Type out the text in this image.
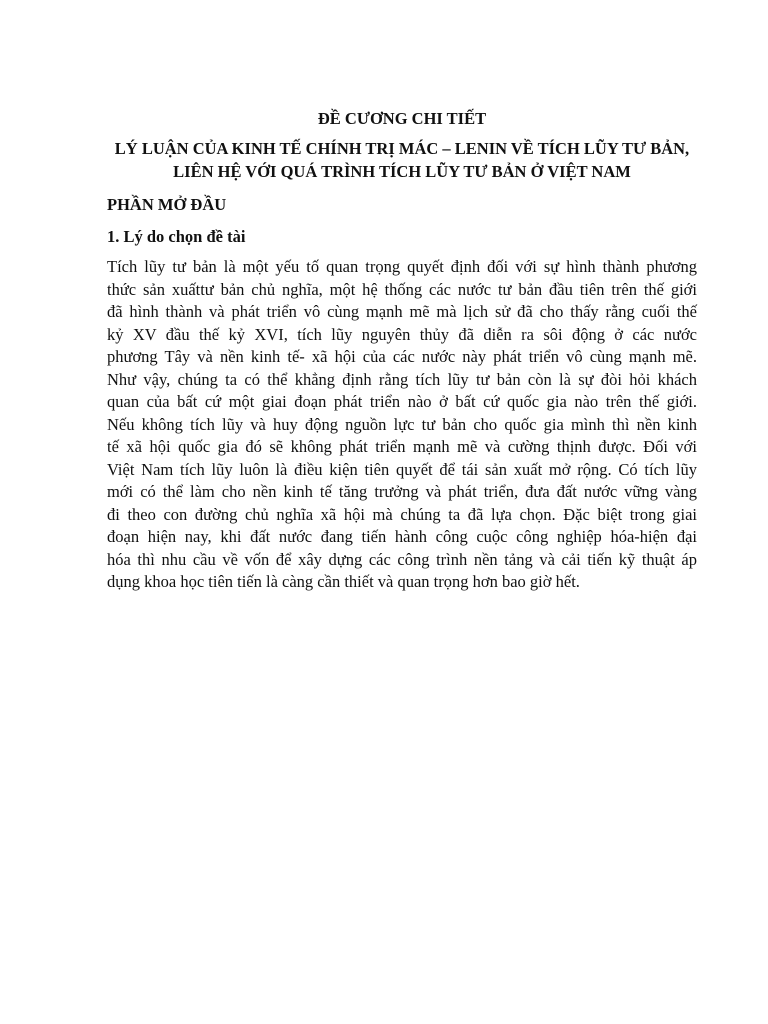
ĐỀ CƯƠNG CHI TIẾT
LÝ LUẬN CỦA KINH TẾ CHÍNH TRỊ MÁC – LENIN VỀ TÍCH LŨY TƯ BẢN,
LIÊN HỆ VỚI QUÁ TRÌNH TÍCH LŨY TƯ BẢN Ở VIỆT NAM
PHẦN MỞ ĐẦU
1. Lý do chọn đề tài

Tích lũy tư bản là một yếu tố quan trọng quyết định đối với sự hình thành phương
thức sản xuấttư bản chủ nghĩa, một hệ thống các nước tư bản đầu tiên trên thế giới
đã hình thành và phát triển vô cùng mạnh mẽ mà lịch sử đã cho thấy rằng cuối thế
kỷ XV đầu thế kỷ XVI, tích lũy nguyên thủy đã diễn ra sôi động ở các nước
phương Tây và nền kinh tế- xã hội của các nước này phát triển vô cùng mạnh mẽ.
Như vậy, chúng ta có thể khẳng định rằng tích lũy tư bản còn là sự đòi hỏi khách
quan của bất cứ một giai đoạn phát triển nào ở bất cứ quốc gia nào trên thế giới.
Nếu không tích lũy và huy động nguồn lực tư bản cho quốc gia mình thì nền kinh
tế xã hội quốc gia đó sẽ không phát triển mạnh mẽ và cường thịnh được. Đối với
Việt Nam tích lũy luôn là điều kiện tiên quyết để tái sản xuất mở rộng. Có tích lũy
mới có thể làm cho nền kinh tế tăng trưởng và phát triển, đưa đất nước vững vàng
đi theo con đường chủ nghĩa xã hội mà chúng ta đã lựa chọn. Đặc biệt trong giai
đoạn hiện nay, khi đất nước đang tiến hành công cuộc công nghiệp hóa-hiện đại
hóa thì nhu cầu về vốn để xây dựng các công trình nền tảng và cải tiến kỹ thuật áp
dụng khoa học tiên tiến là càng cần thiết và quan trọng hơn bao giờ hết.
